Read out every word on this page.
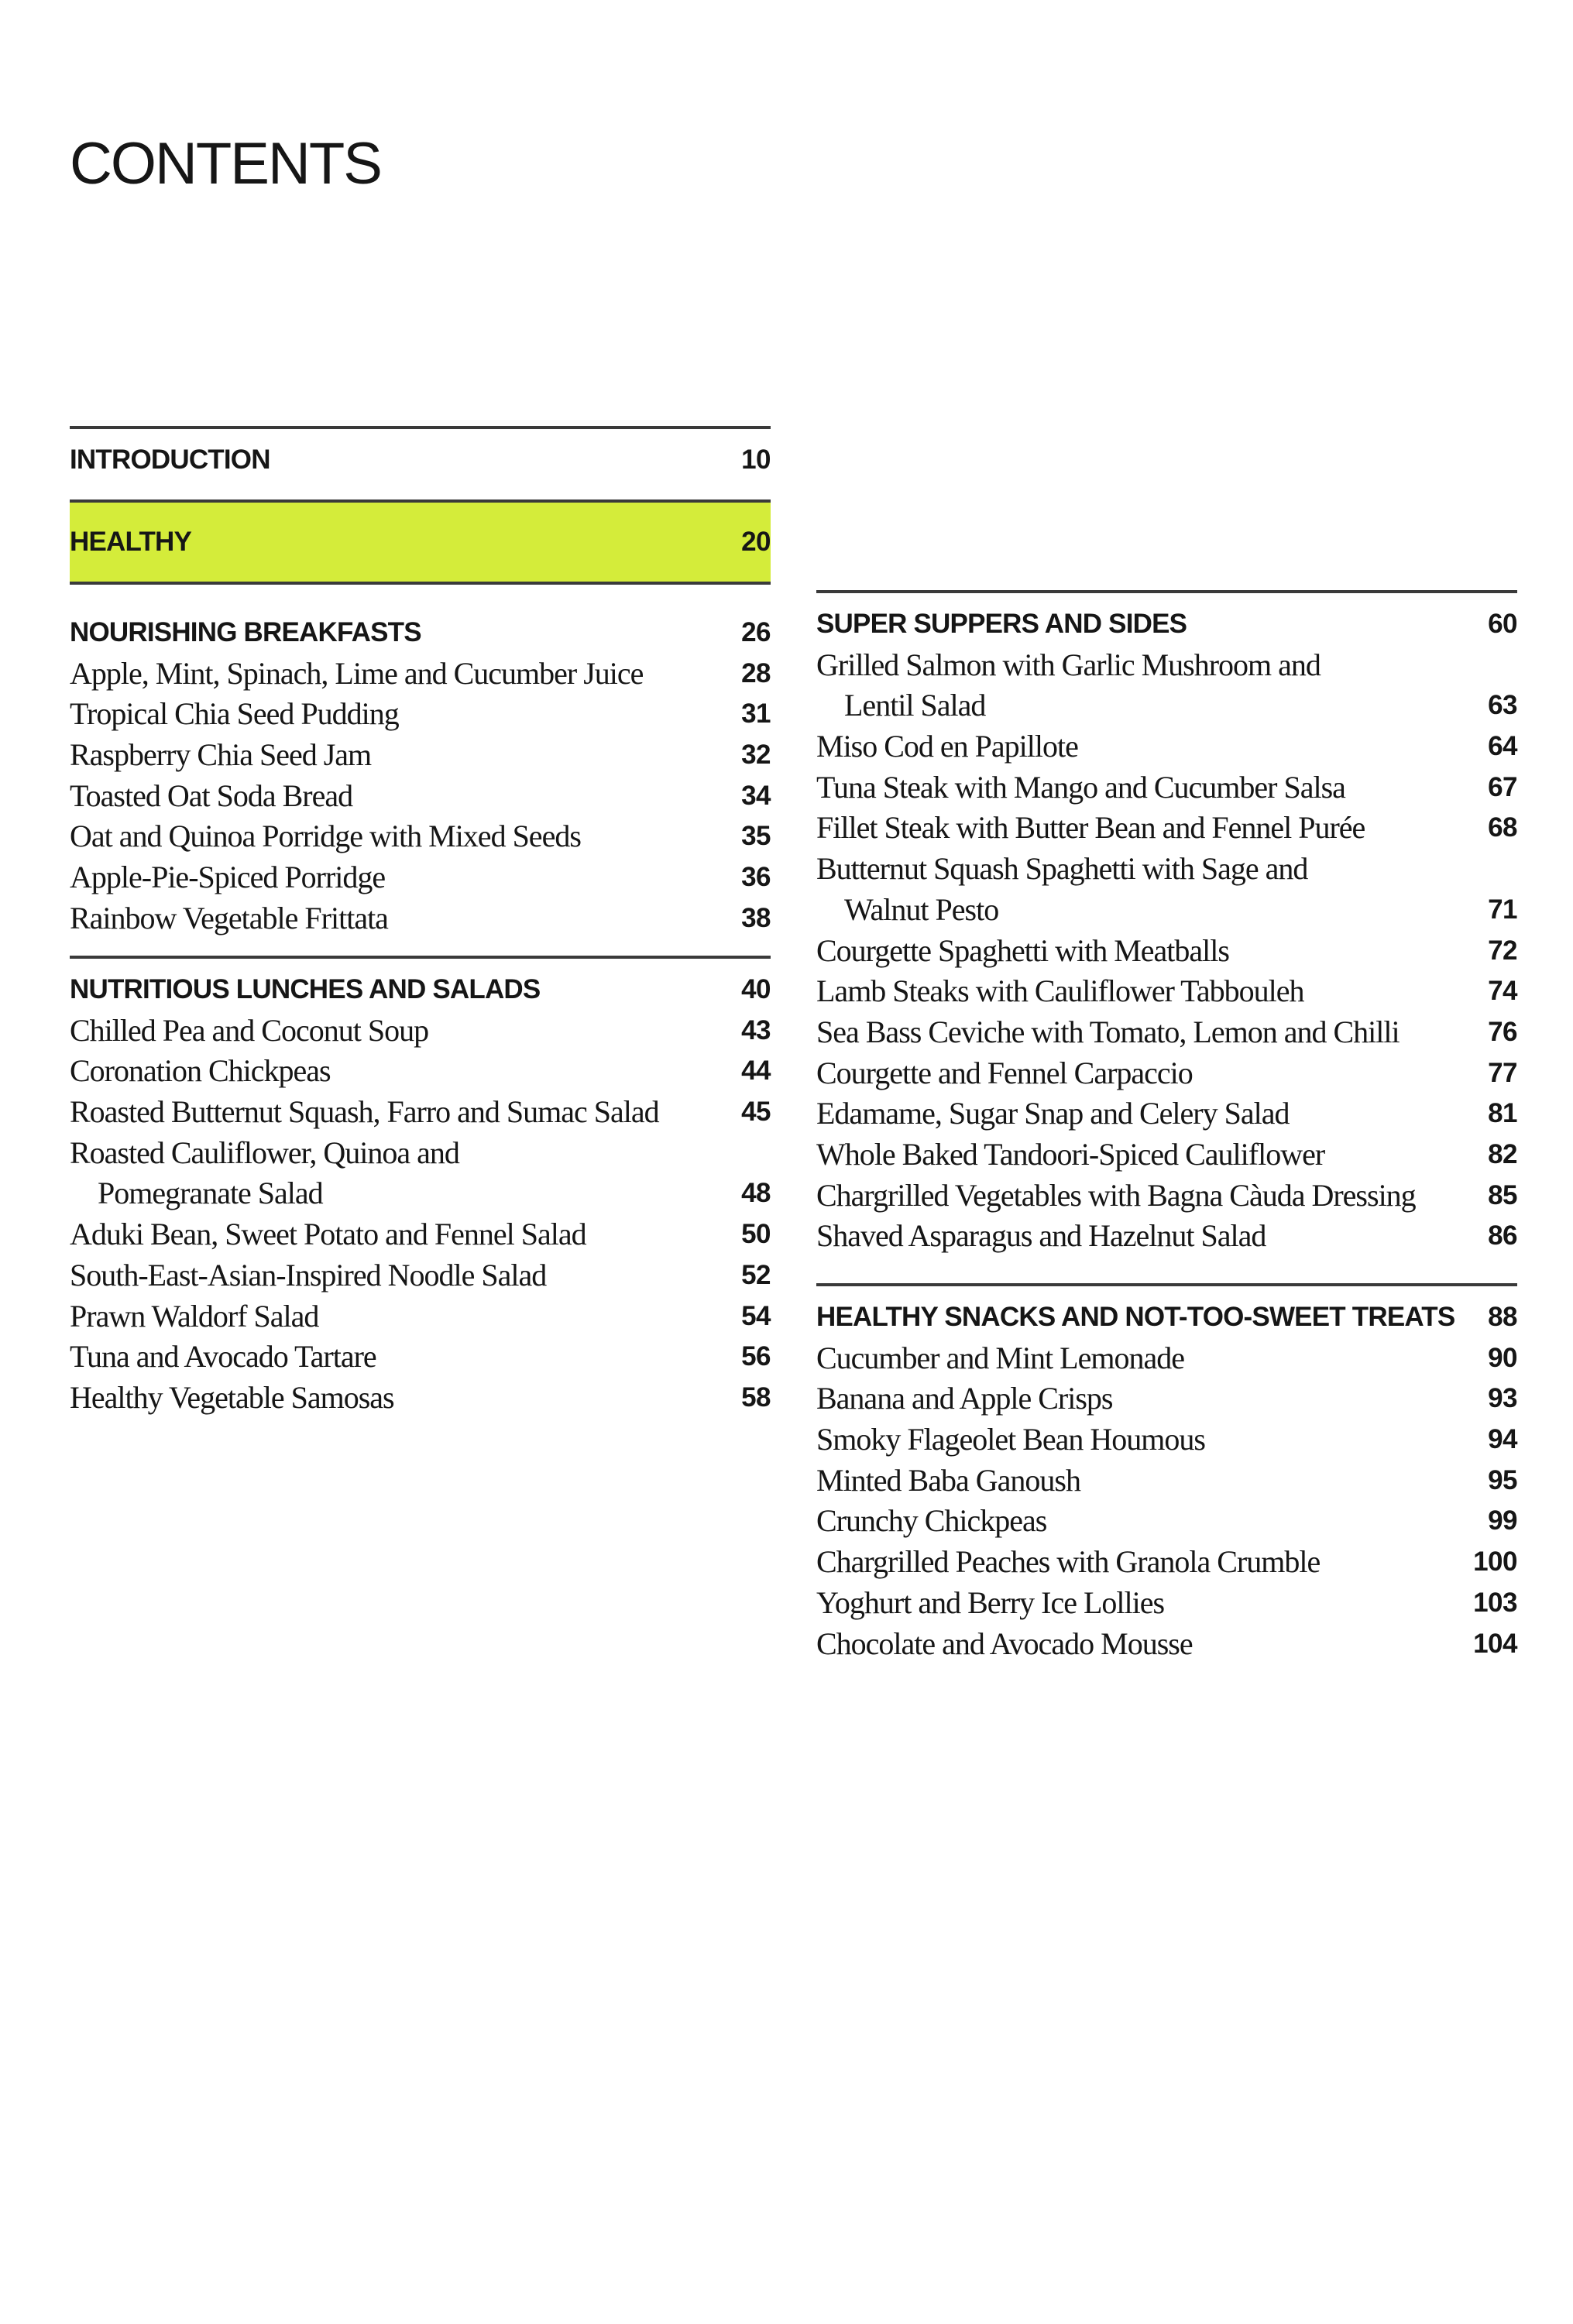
CONTENTS
INTRODUCTION	10
HEALTHY	20
NOURISHING BREAKFASTS	26
Apple, Mint, Spinach, Lime and Cucumber Juice	28
Tropical Chia Seed Pudding	31
Raspberry Chia Seed Jam	32
Toasted Oat Soda Bread	34
Oat and Quinoa Porridge with Mixed Seeds	35
Apple-Pie-Spiced Porridge	36
Rainbow Vegetable Frittata	38
NUTRITIOUS LUNCHES AND SALADS	40
Chilled Pea and Coconut Soup	43
Coronation Chickpeas	44
Roasted Butternut Squash, Farro and Sumac Salad	45
Roasted Cauliflower, Quinoa and
Pomegranate Salad	48
Aduki Bean, Sweet Potato and Fennel Salad	50
South-East-Asian-Inspired Noodle Salad	52
Prawn Waldorf Salad	54
Tuna and Avocado Tartare	56
Healthy Vegetable Samosas	58
SUPER SUPPERS AND SIDES	60
Grilled Salmon with Garlic Mushroom and
Lentil Salad	63
Miso Cod en Papillote	64
Tuna Steak with Mango and Cucumber Salsa	67
Fillet Steak with Butter Bean and Fennel Purée	68
Butternut Squash Spaghetti with Sage and
Walnut Pesto	71
Courgette Spaghetti with Meatballs	72
Lamb Steaks with Cauliflower Tabbouleh	74
Sea Bass Ceviche with Tomato, Lemon and Chilli	76
Courgette and Fennel Carpaccio	77
Edamame, Sugar Snap and Celery Salad	81
Whole Baked Tandoori-Spiced Cauliflower	82
Chargrilled Vegetables with Bagna Càuda Dressing	85
Shaved Asparagus and Hazelnut Salad	86
HEALTHY SNACKS AND NOT-TOO-SWEET TREATS 88
Cucumber and Mint Lemonade	90
Banana and Apple Crisps	93
Smoky Flageolet Bean Houmous	94
Minted Baba Ganoush	95
Crunchy Chickpeas	99
Chargrilled Peaches with Granola Crumble	100
Yoghurt and Berry Ice Lollies	103
Chocolate and Avocado Mousse	104
